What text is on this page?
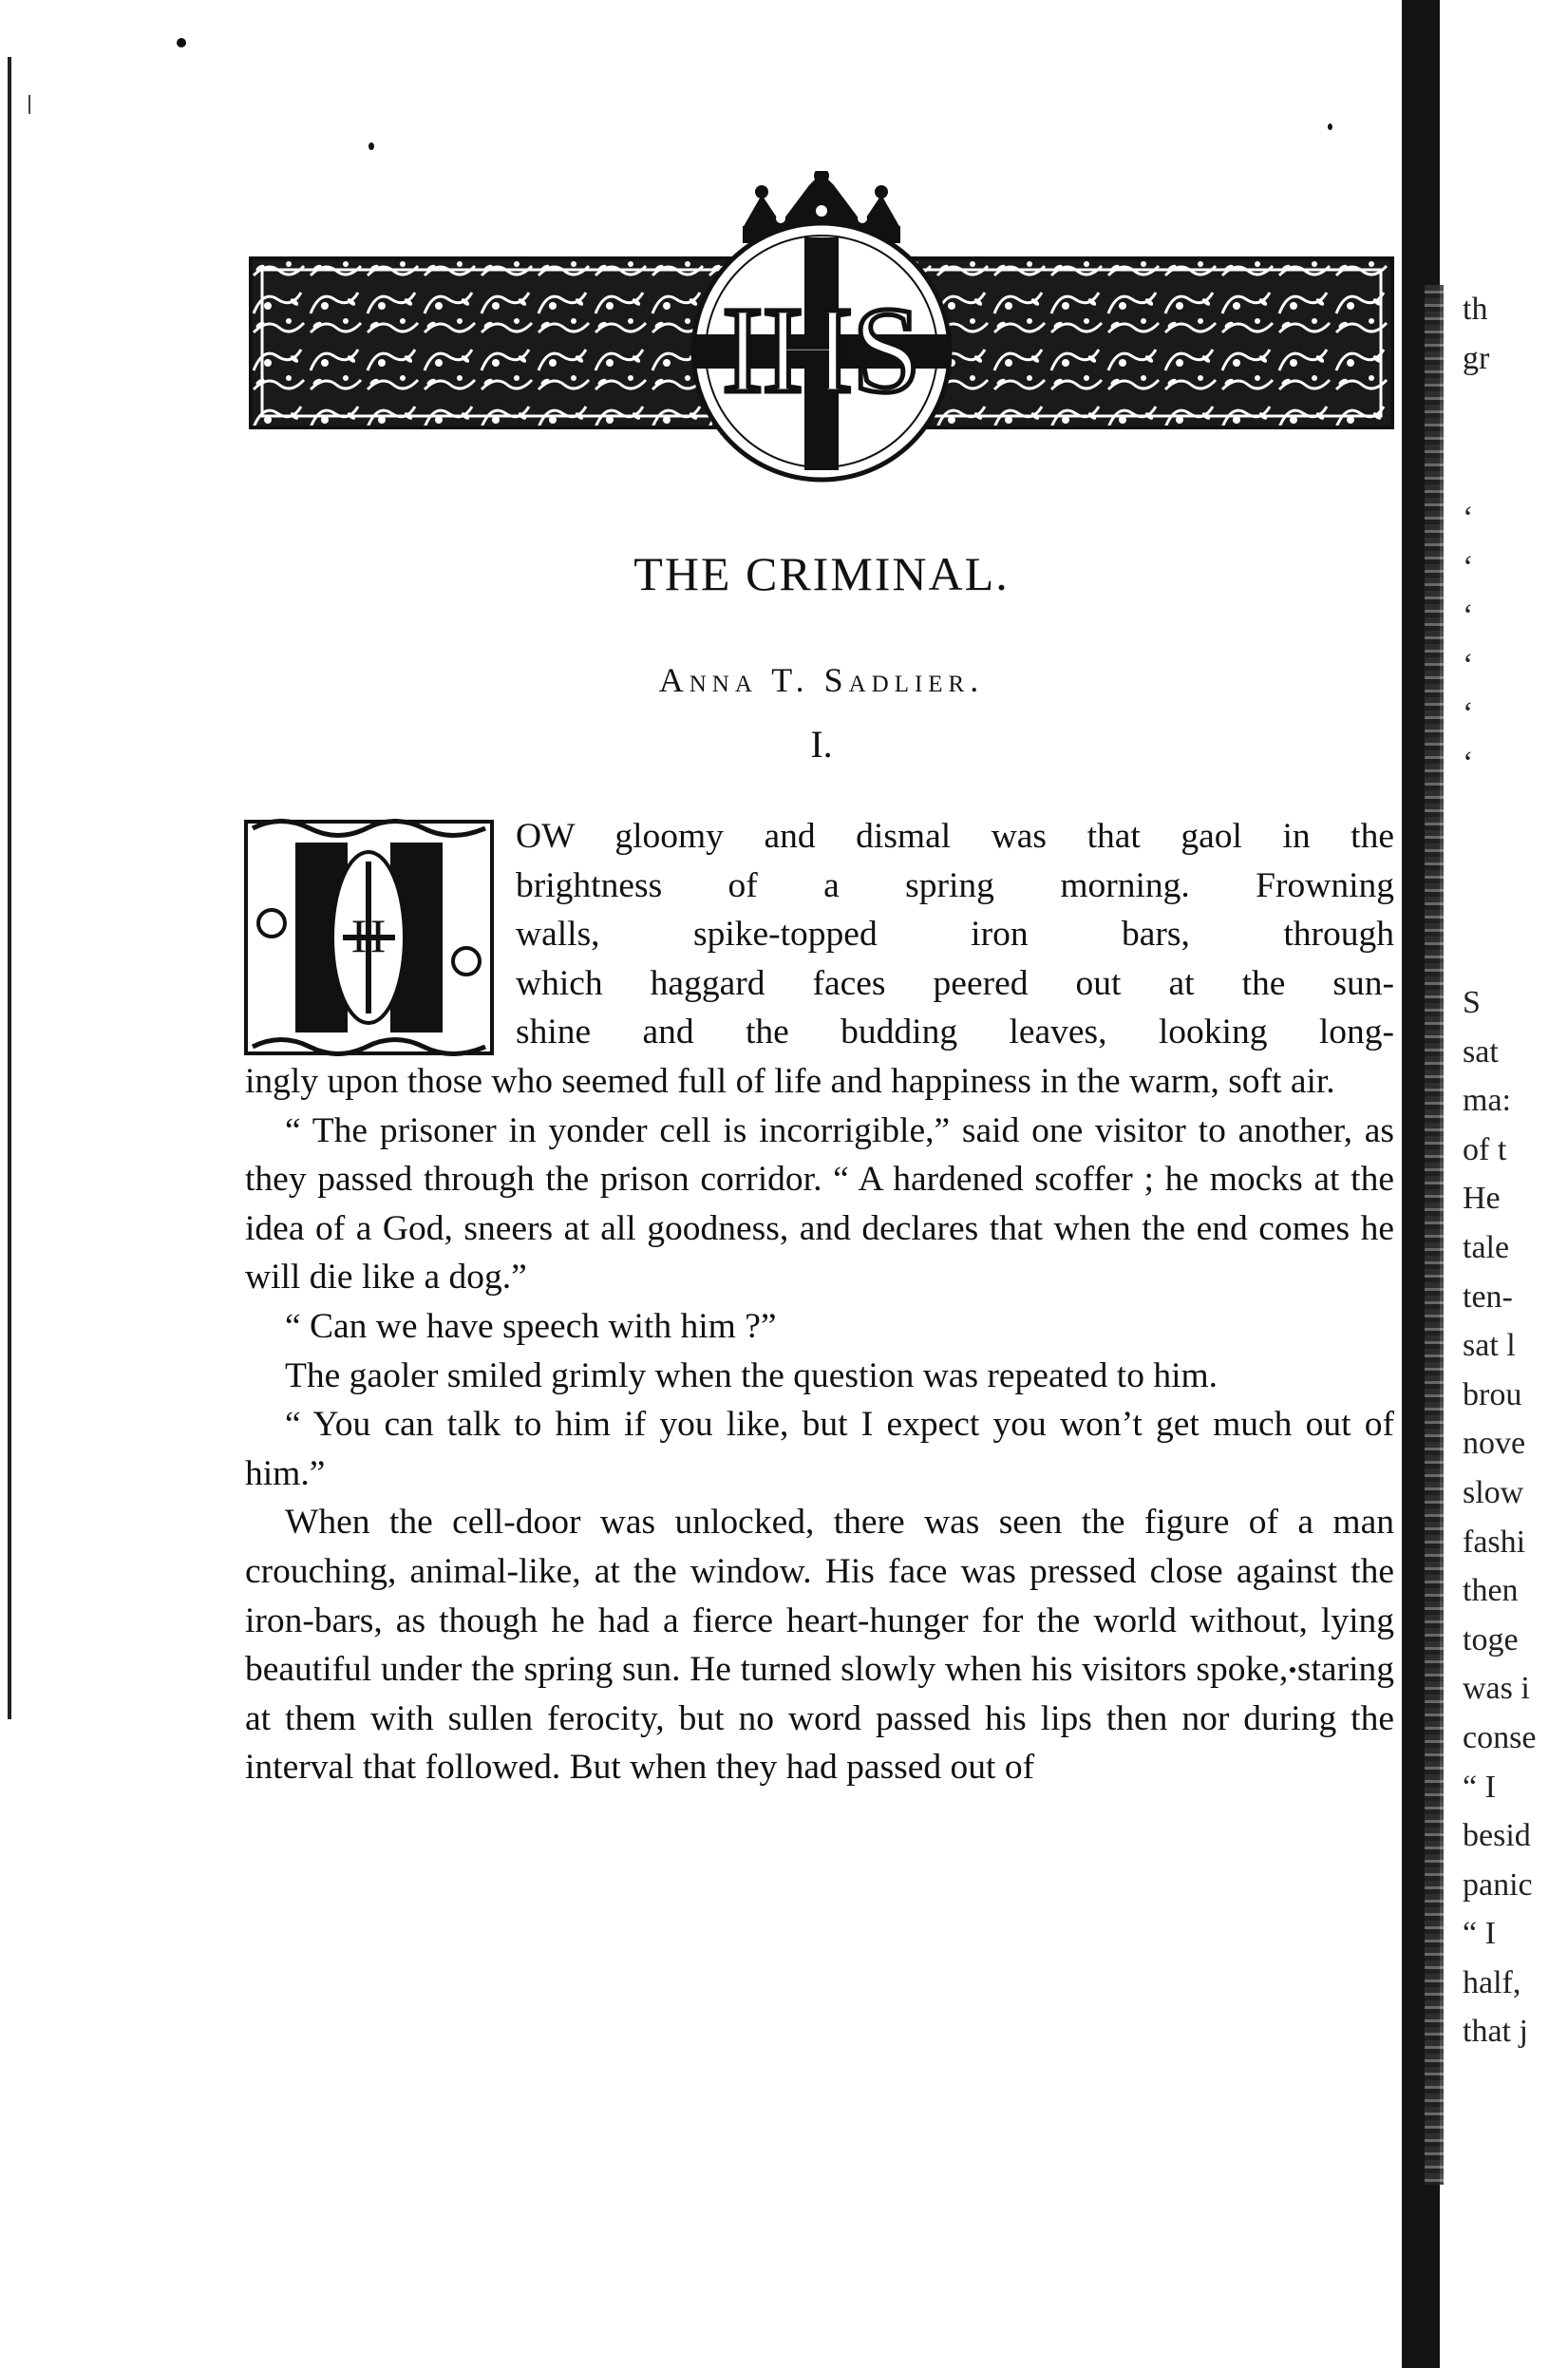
IHS
THE CRIMINAL.
Anna T. Sadlier.
I.
H

OW gloomy and dismal was that gaol in the
brightness of a spring morning. Frowning
walls, spike-topped iron bars, through
which haggard faces peered out at the sun-
shine and the budding leaves, looking long-
ingly upon those who seemed full of life and happiness in the warm, soft air.

“ The prisoner in yonder cell is incorrigible,” said one visitor to another, as they passed through the prison corridor. “ A hardened scoffer ; he mocks at the idea of a God, sneers at all goodness, and declares that when the end comes he will die like a dog.”

“ Can we have speech with him ?”

The gaoler smiled grimly when the question was repeated to him.

“ You can talk to him if you like, but I expect you won’t get much out of him.”

When the cell-door was unlocked, there was seen the figure of a man crouching, animal-like, at the window. His face was pressed close against the iron-bars, as though he had a fierce heart-hunger for the world without, lying beautiful under the spring sun. He turned slowly when his visitors spoke, staring at them with sullen ferocity, but no word passed his lips then nor during the interval that followed. But when they had passed out of

th
gr
‘
‘
‘
‘
‘
‘
S
sat
ma:
of t
He
tale
ten-
sat l
brou
nove
slow
fashi
then
toge
was i
conse
“ I
besid
panic
“ I
half,
that j
